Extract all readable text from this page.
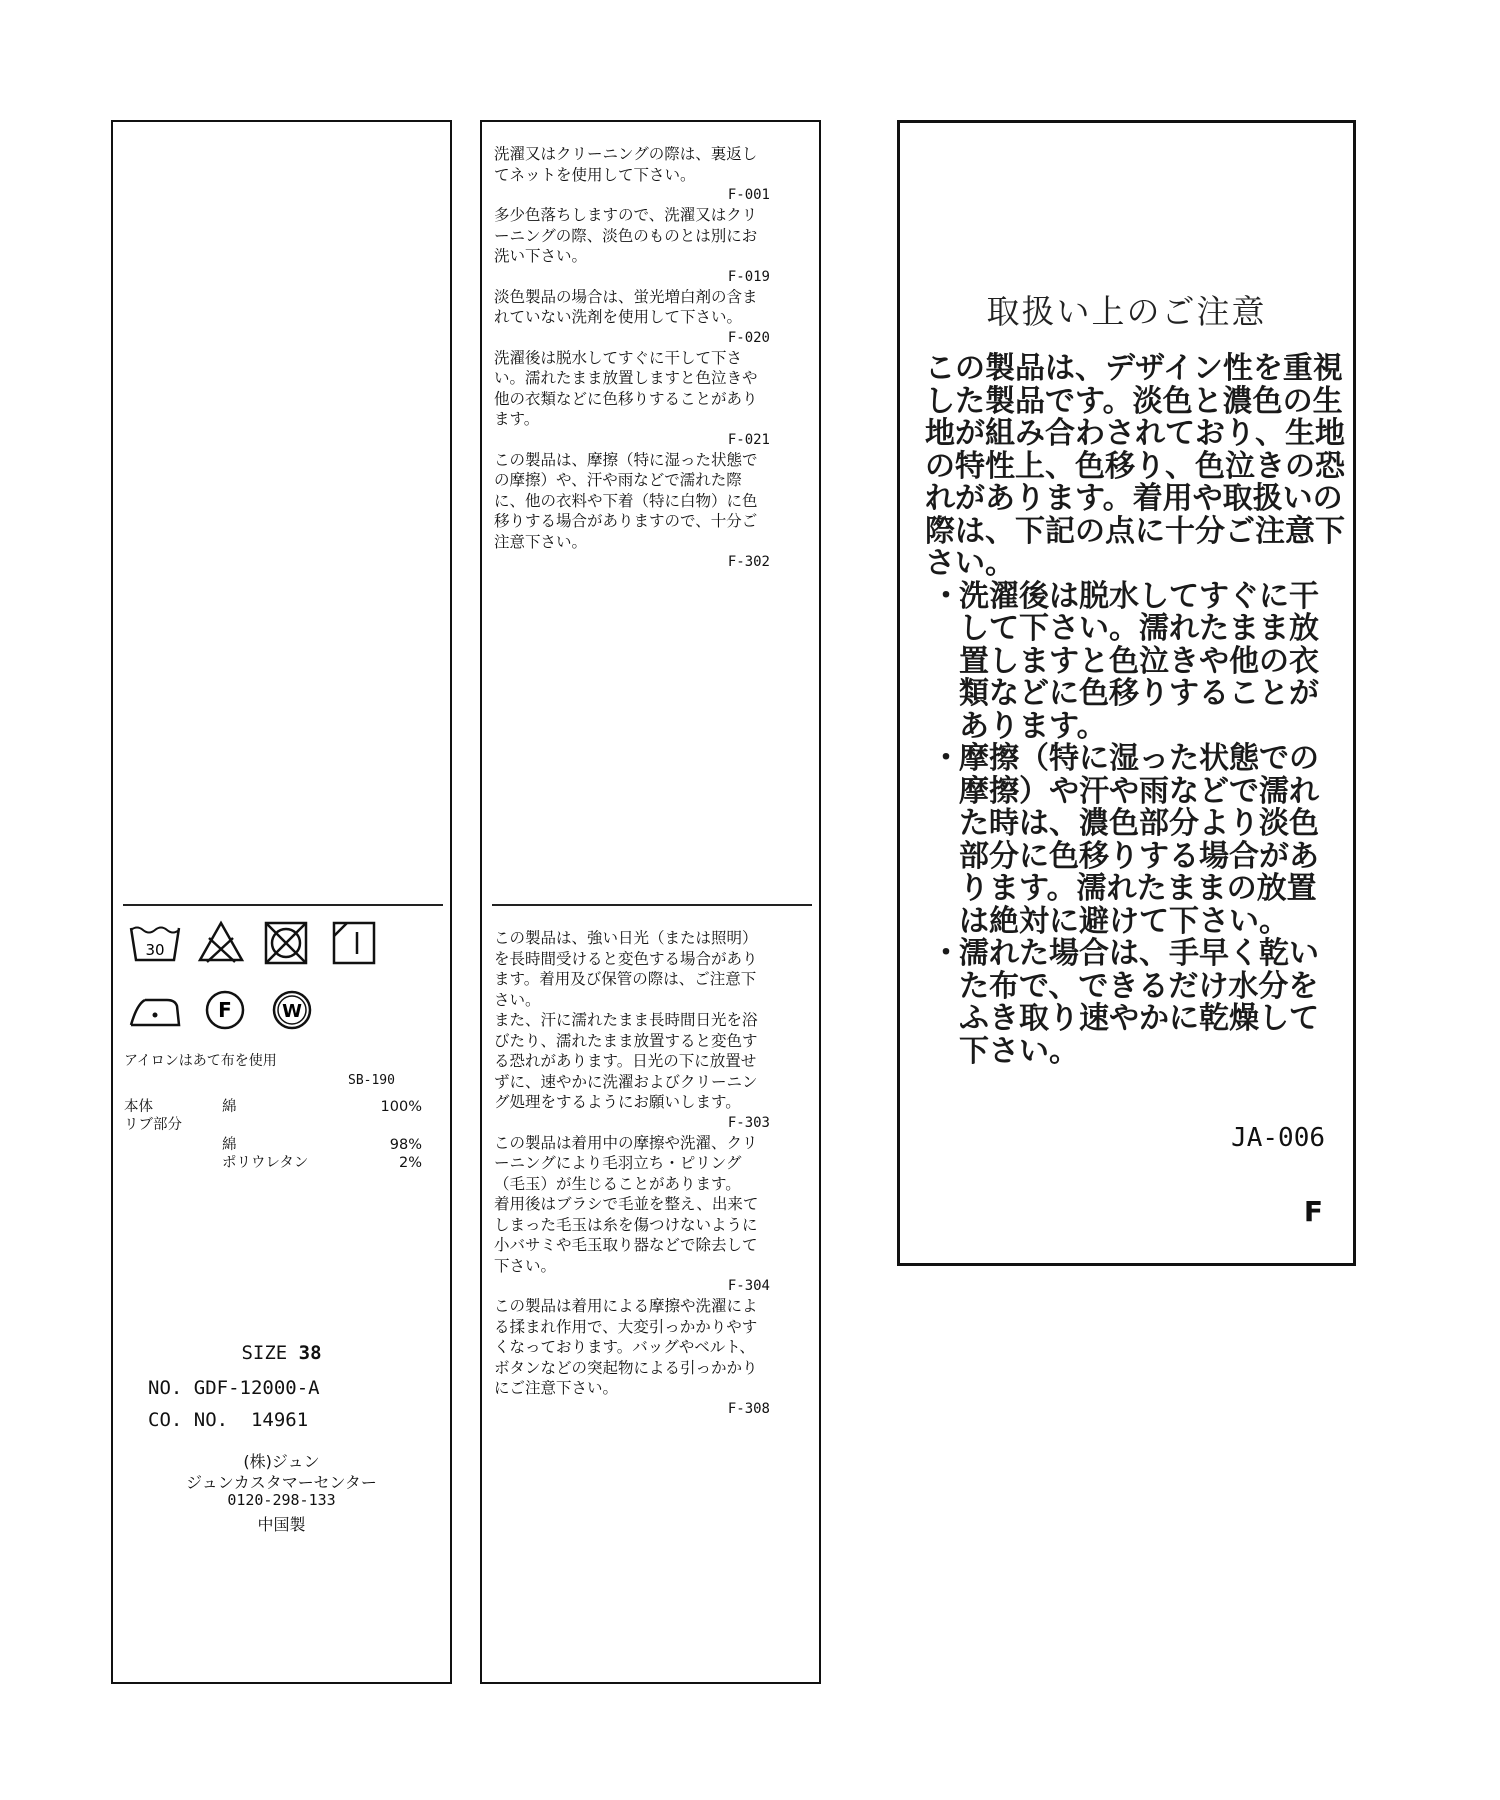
30
F	W
アイロンはあて布を使用
SB-190
本体	綿	100%
リブ部分
綿	98%
ポリウレタン	2%
SIZE 38
NO. GDF-12000-A
CO. NO.  14961
(株)ジュン
ジュンカスタマーセンター
0120-298-133
中国製
洗濯又はクリーニングの際は、裏返してネットを使用して下さい。
F-001
多少色落ちしますので、洗濯又はクリーニングの際、淡色のものとは別にお洗い下さい。
F-019
淡色製品の場合は、蛍光増白剤の含まれていない洗剤を使用して下さい。
F-020
洗濯後は脱水してすぐに干して下さい。濡れたまま放置しますと色泣きや他の衣類などに色移りすることがあります。
F-021
この製品は、摩擦（特に湿った状態での摩擦）や、汗や雨などで濡れた際に、他の衣料や下着（特に白物）に色移りする場合がありますので、十分ご注意下さい。
F-302
この製品は、強い日光（または照明）を長時間受けると変色する場合があります。着用及び保管の際は、ご注意下さい。
また、汗に濡れたまま長時間日光を浴びたり、濡れたまま放置すると変色する恐れがあります。日光の下に放置せずに、速やかに洗濯およびクリーニング処理をするようにお願いします。
F-303
この製品は着用中の摩擦や洗濯、クリーニングにより毛羽立ち・ピリング（毛玉）が生じることがあります。
着用後はブラシで毛並を整え、出来てしまった毛玉は糸を傷つけないように小バサミや毛玉取り器などで除去して下さい。
F-304
この製品は着用による摩擦や洗濯による揉まれ作用で、大変引っかかりやすくなっております。バッグやベルト、ボタンなどの突起物による引っかかりにご注意下さい。
F-308
取扱い上のご注意

この製品は、デザイン性を重視した製品です。淡色と濃色の生地が組み合わされており、生地の特性上、色移り、色泣きの恐れがあります。着用や取扱いの際は、下記の点に十分ご注意下さい。

・
洗濯後は脱水してすぐに干して下さい。濡れたまま放置しますと色泣きや他の衣類などに色移りすることがあります。

・
摩擦（特に湿った状態での摩擦）や汗や雨などで濡れた時は、濃色部分より淡色部分に色移りする場合があります。濡れたままの放置は絶対に避けて下さい。

・
濡れた場合は、手早く乾いた布で、できるだけ水分をふき取り速やかに乾燥して下さい。

JA-006
F
